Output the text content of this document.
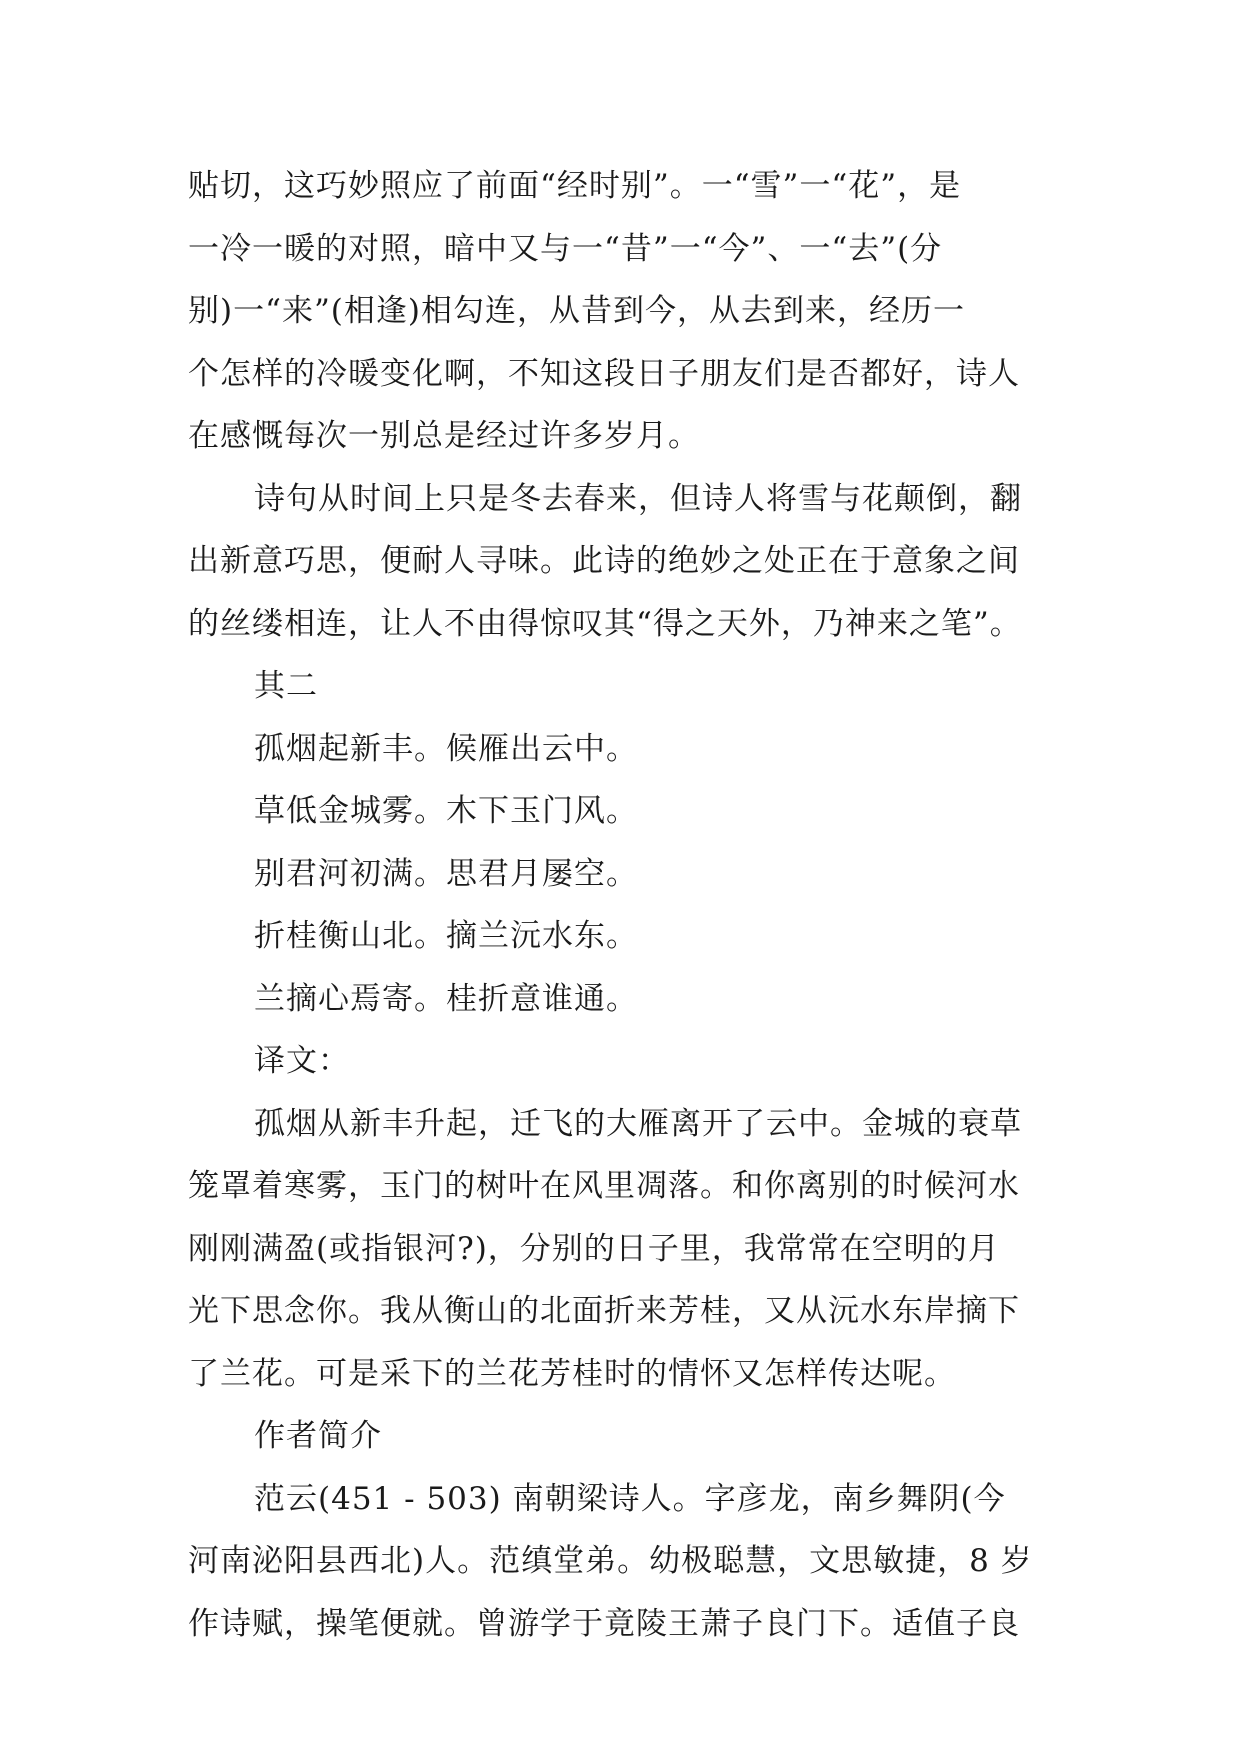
贴切，这巧妙照应了前面“经时别”。一“雪”一“花”，是
一冷一暖的对照，暗中又与一“昔”一“今”、一“去”(分
别)一“来”(相逢)相勾连，从昔到今，从去到来，经历一
个怎样的冷暖变化啊，不知这段日子朋友们是否都好，诗人
在感慨每次一别总是经过许多岁月。
诗句从时间上只是冬去春来，但诗人将雪与花颠倒，翻
出新意巧思，便耐人寻味。此诗的绝妙之处正在于意象之间
的丝缕相连，让人不由得惊叹其“得之天外，乃神来之笔”。
其二
孤烟起新丰。候雁出云中。
草低金城雾。木下玉门风。
别君河初满。思君月屡空。
折桂衡山北。摘兰沅水东。
兰摘心焉寄。桂折意谁通。
译文：
孤烟从新丰升起，迁飞的大雁离开了云中。金城的衰草
笼罩着寒雾，玉门的树叶在风里凋落。和你离别的时候河水
刚刚满盈(或指银河?)，分别的日子里，我常常在空明的月
光下思念你。我从衡山的北面折来芳桂，又从沅水东岸摘下
了兰花。可是采下的兰花芳桂时的情怀又怎样传达呢。
作者简介
范云(451 - 503) 南朝梁诗人。字彦龙，南乡舞阴(今
河南泌阳县西北)人。范缜堂弟。幼极聪慧，文思敏捷，8 岁
作诗赋，操笔便就。曾游学于竟陵王萧子良门下。适值子良
